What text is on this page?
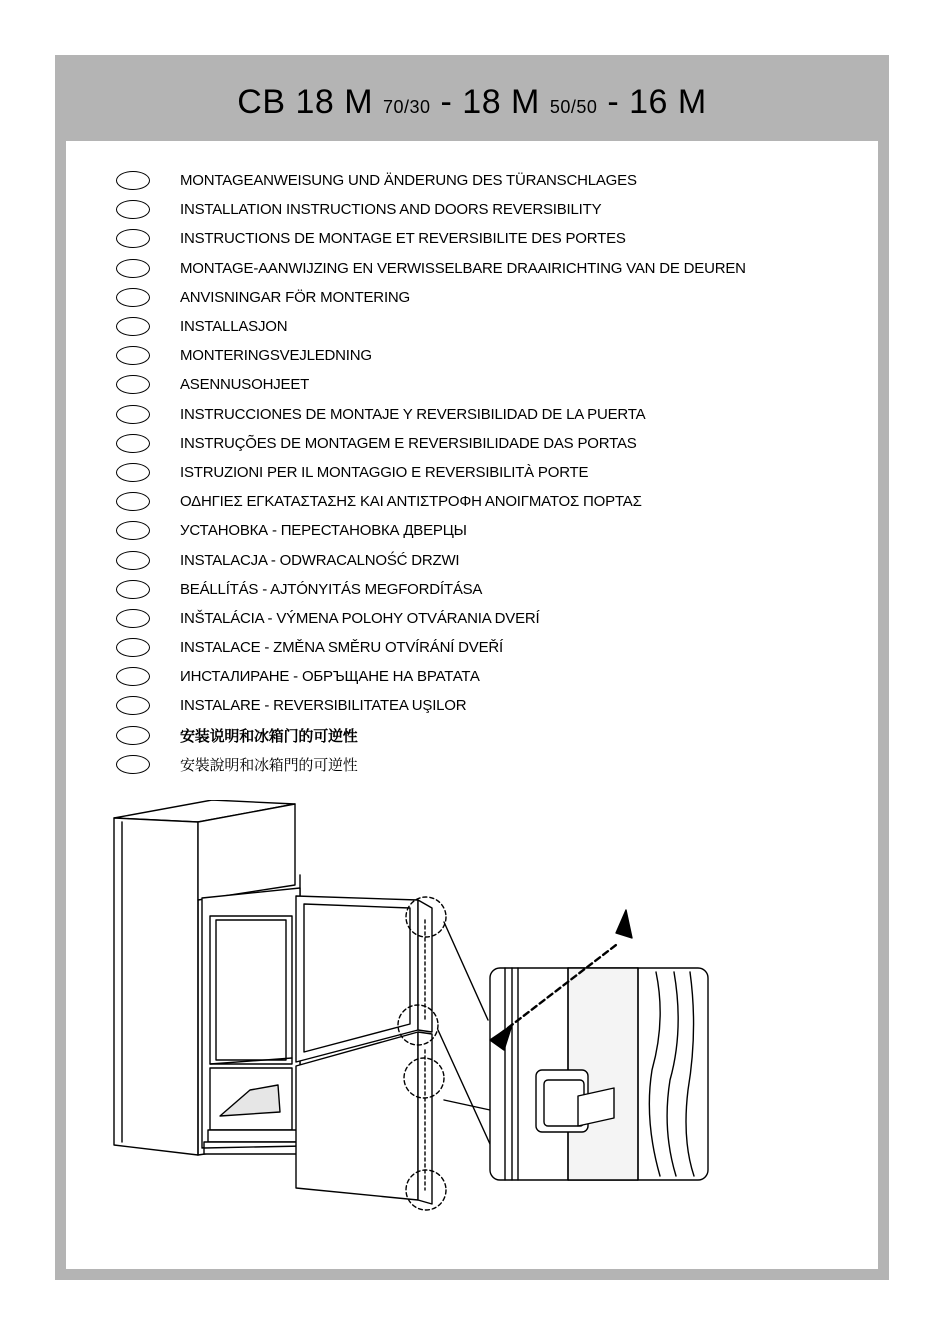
CB 18 M 70/30 - 18 M 50/50 - 16 M
MONTAGEANWEISUNG UND ÄNDERUNG DES TÜRANSCHLAGES
INSTALLATION INSTRUCTIONS AND DOORS REVERSIBILITY
INSTRUCTIONS DE MONTAGE ET REVERSIBILITE DES PORTES
MONTAGE-AANWIJZING EN VERWISSELBARE DRAAIRICHTING VAN DE DEUREN
ANVISNINGAR FÖR MONTERING
INSTALLASJON
MONTERINGSVEJLEDNING
ASENNUSOHJEET
INSTRUCCIONES DE MONTAJE Y REVERSIBILIDAD DE LA PUERTA
INSTRUÇÕES DE MONTAGEM E REVERSIBILIDADE DAS PORTAS
ISTRUZIONI PER IL MONTAGGIO E REVERSIBILITÀ PORTE
ΟΔΗΓΙΕΣ ΕΓΚΑΤΑΣΤΑΣΗΣ ΚΑΙ ΑΝΤΙΣΤΡΟΦΗ ΑΝΟΙΓΜΑΤΟΣ ΠΟΡΤΑΣ
УСТАНОВКА - ПЕРЕСТАНОВКА ДВЕРЦЫ
INSTALACJA - ODWRACALNOŚĆ DRZWI
BEÁLLÍTÁS - AJTÓNYITÁS MEGFORDÍTÁSA
INŠTALÁCIA - VÝMENA POLOHY OTVÁRANIA DVERÍ
INSTALACE - ZMĚNA SMĚRU OTVÍRÁNÍ DVEŘÍ
ИНСТАЛИРАНЕ - ОБРЪЩАНЕ НА ВРАТАТА
INSTALARE - REVERSIBILITATEA UŞILOR
安装说明和冰箱门的可逆性
安裝說明和冰箱門的可逆性
